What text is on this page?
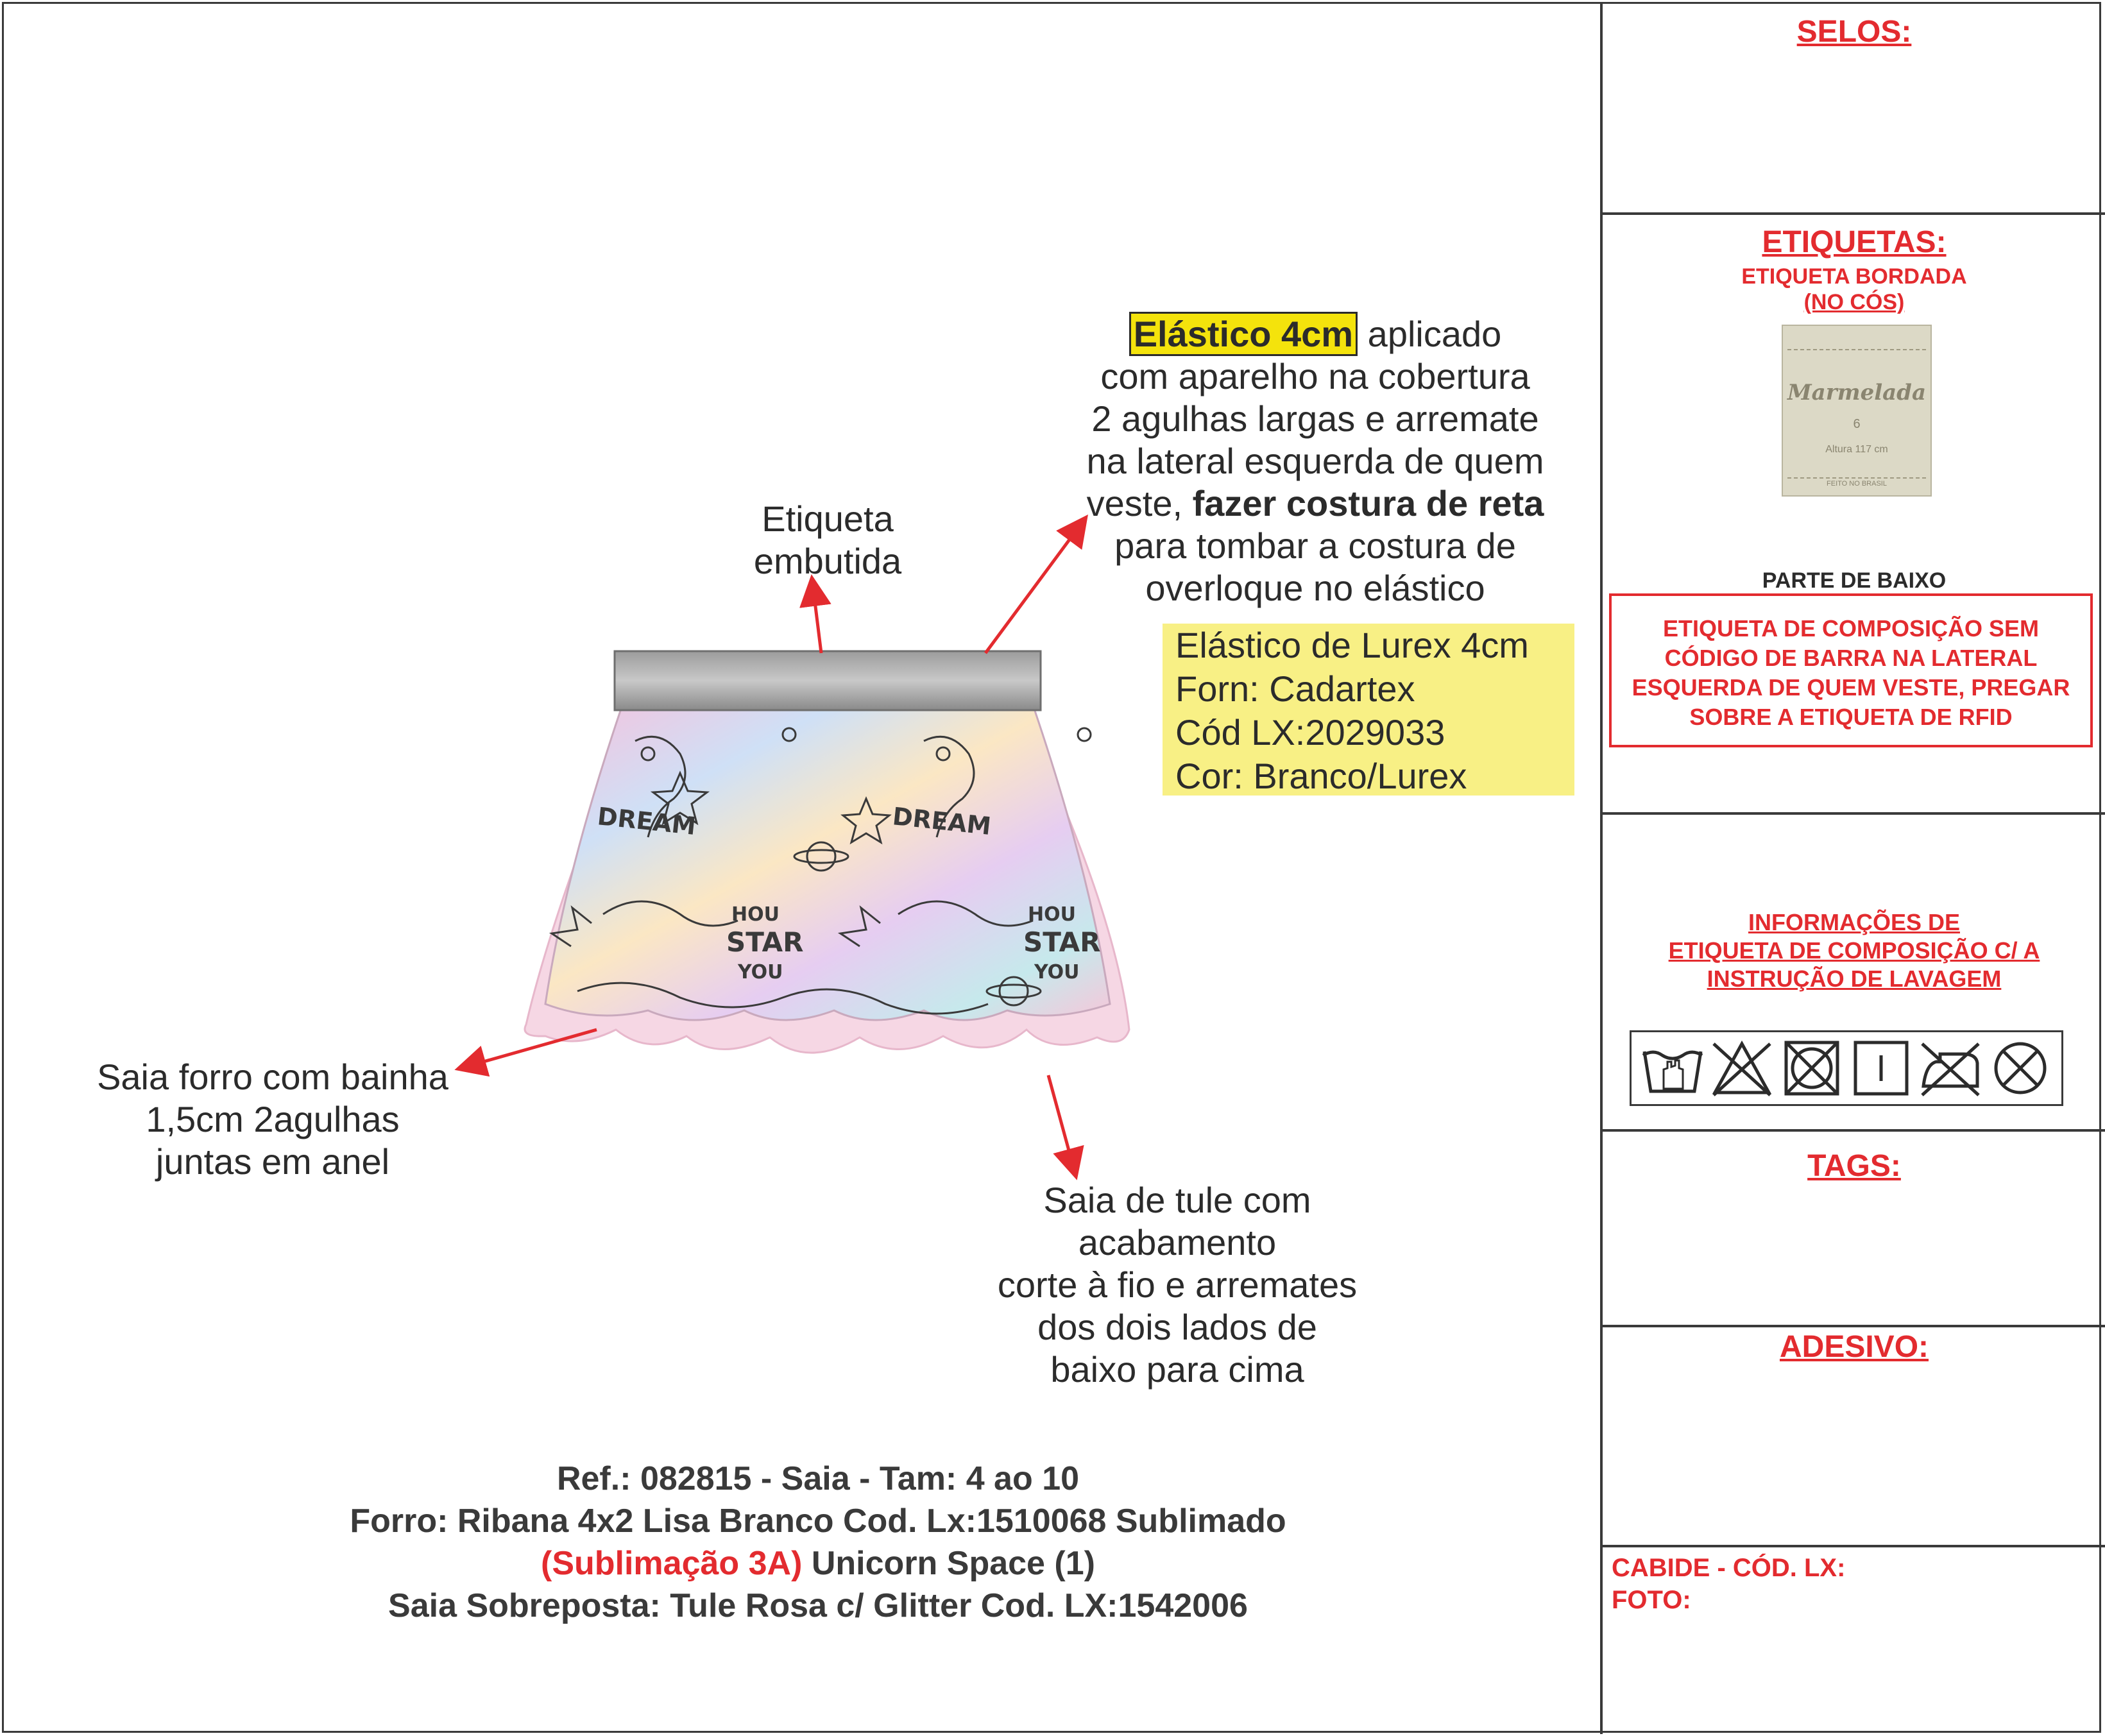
SELOS:
ETIQUETAS:
ETIQUETA BORDADA
(NO CÓS)
Marmelada
6
Altura 117 cm
FEITO NO BRASIL
PARTE DE BAIXO
ETIQUETA DE COMPOSIÇÃO SEM
CÓDIGO DE BARRA NA LATERAL
ESQUERDA DE QUEM VESTE, PREGAR
SOBRE A ETIQUETA DE RFID
INFORMAÇÕES DE
ETIQUETA DE COMPOSIÇÃO C/ A
INSTRUÇÃO DE LAVAGEM
TAGS:
ADESIVO:
CABIDE - CÓD. LX:
FOTO:
Elástico 4cm aplicado
com aparelho na cobertura
2 agulhas largas e arremate
na lateral esquerda de quem
veste, fazer costura de reta
para tombar a costura de
overloque no elástico
Etiqueta
embutida
Elástico de Lurex 4cm
Forn: Cadartex
Cód LX:2029033
Cor: Branco/Lurex
Saia forro com bainha
1,5cm 2agulhas
juntas em anel
Saia de tule com
acabamento
corte à fio e arremates
dos dois lados de
baixo para cima
DREAM	DREAM
HOU
STAR
YOU
HOU
STAR
YOU
Ref.: 082815 - Saia - Tam: 4 ao 10
Forro: Ribana 4x2 Lisa Branco Cod. Lx:1510068 Sublimado
(Sublimação 3A) Unicorn Space (1)
Saia Sobreposta: Tule Rosa c/ Glitter Cod. LX:1542006
